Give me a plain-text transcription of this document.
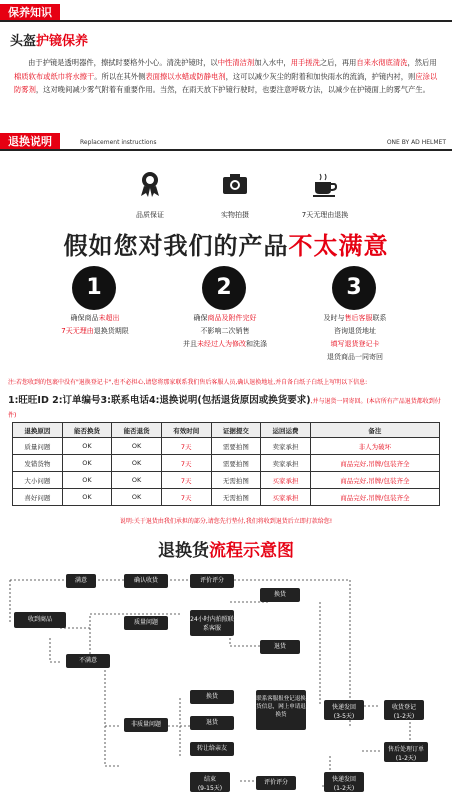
保养知识
头盔护镜保养
由于护镜是透明器件，擦拭时要格外小心。清洗护镜时，以中性清洁剂加入水中，用手搓洗之后，再用自来水彻底清洗，然后用棉质软布或纸巾将水擦干。所以在其外侧表面擦以水蜡或防静电剂，这可以减少灰尘的附着和加快雨水的流淌，护镜内衬，则应涂以防雾剂，这对晚间减少雾气附着有重要作用。当然，在雨天放下护镜行驶时，也要注意呼吸方法，以减少在护镜面上的雾气产生。
退换说明	Replacement instructions	ONE BY AD HELMET
品质保证	实物拍摄	7天无理由退换
假如您对我们的产品不太满意
1	2	3
确保商品未超出
7天无理由退换货期限
确保商品及附件完好
不影响二次销售
并且未经过人为修改和洗涤
及时与售后客服联系
咨询退货地址
填写退货登记卡
退货商品一同寄回
注:若您收到的包裹中没有"退换登记卡",也不必担心,请您将那家联系我们售后客服人员,确认退换地址,并自备白纸子白纸上写明以下信息:
1:旺旺ID 2:订单编号3:联系电话4:退换说明(包括退货原因或换货要求),并与退货一同寄回。(本店所有产品退货都收到付件)
退换原因	能否换货	能否退货	有效时间	证据提交	运回运费	备注
质量问题	OK	OK	7天	需要拍图	卖家承担	非人为破坏
发错货物	OK	OK	7天	需要拍图	卖家承担	商品完好,吊牌/包装齐全
大小问题	OK	OK	7天	无需拍图	买家承担	商品完好,吊牌/包装齐全
喜好问题	OK	OK	7天	无需拍图	买家承担	商品完好,吊牌/包装齐全
说明:关于退货由我们承担的部分,请您先行垫付,我们将收到退货后立即打款给您!
退换货流程示意图
收到商品
满意	确认收货	评价评分
质量问题	24小时内拍照联系客服
换货
退货
不满意
非质量问题
换货
退货
转让给亲友
联系客服报登记退换货信息，网上申请退换货
快递发回
(3-5天)
收货登记
(1-2天)
售后处理订单
(1-2天)
快递发回
(1-2天)
评价评分
结束
(9-15天)
